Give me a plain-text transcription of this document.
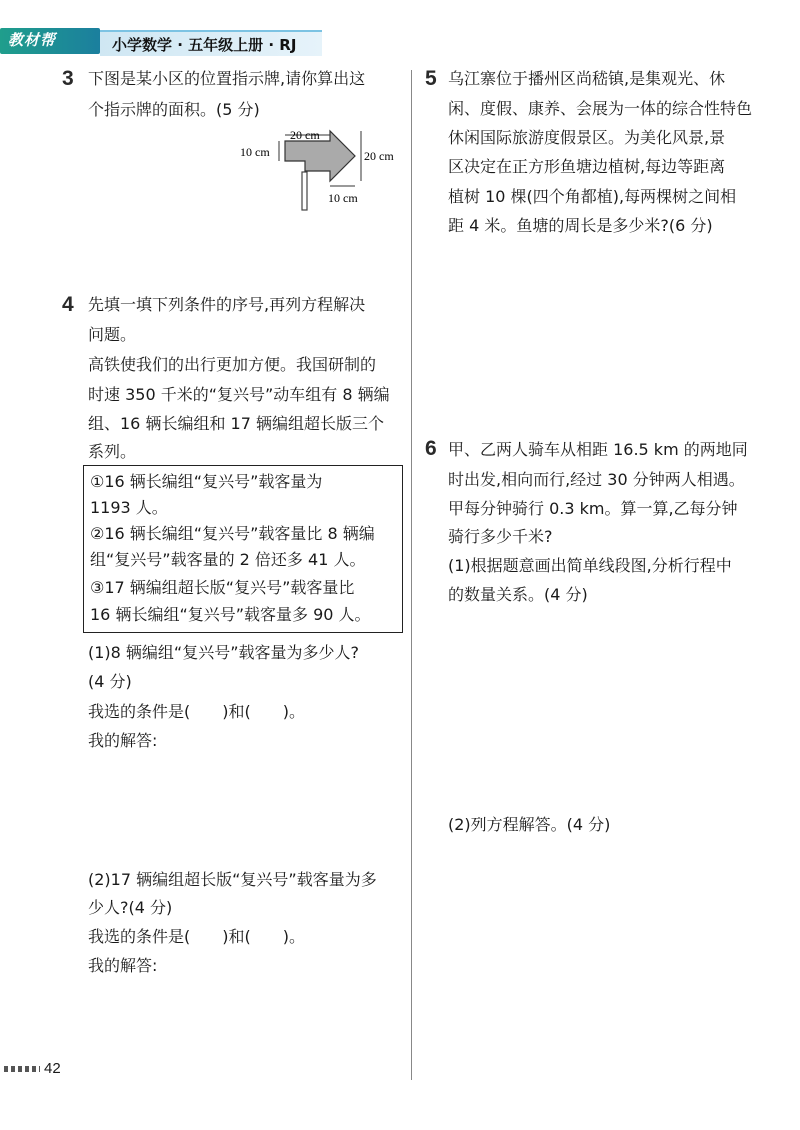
教材帮	小学数学 · 五年级上册 · RJ
3 下图是某小区的位置指示牌,请你算出这
个指示牌的面积。(5 分)
20 cm
10 cm	20 cm
10 cm
4 先填一填下列条件的序号,再列方程解决
问题。
高铁使我们的出行更加方便。我国研制的
时速 350 千米的“复兴号”动车组有 8 辆编
组、16 辆长编组和 17 辆编组超长版三个
系列。
①16 辆长编组“复兴号”载客量为
1193 人。
②16 辆长编组“复兴号”载客量比 8 辆编
组“复兴号”载客量的 2 倍还多 41 人。
③17 辆编组超长版“复兴号”载客量比
16 辆长编组“复兴号”载客量多 90 人。
(1)8 辆编组“复兴号”载客量为多少人?
(4 分)
我选的条件是(　　)和(　　)。
我的解答:
(2)17 辆编组超长版“复兴号”载客量为多
少人?(4 分)
我选的条件是(　　)和(　　)。
我的解答:
5 乌江寨位于播州区尚嵇镇,是集观光、休
闲、度假、康养、会展为一体的综合性特色
休闲国际旅游度假景区。为美化风景,景
区决定在正方形鱼塘边植树,每边等距离
植树 10 棵(四个角都植),每两棵树之间相
距 4 米。鱼塘的周长是多少米?(6 分)
6 甲、乙两人骑车从相距 16.5 km 的两地同
时出发,相向而行,经过 30 分钟两人相遇。
甲每分钟骑行 0.3 km。算一算,乙每分钟
骑行多少千米?
(1)根据题意画出简单线段图,分析行程中
的数量关系。(4 分)
(2)列方程解答。(4 分)
42
